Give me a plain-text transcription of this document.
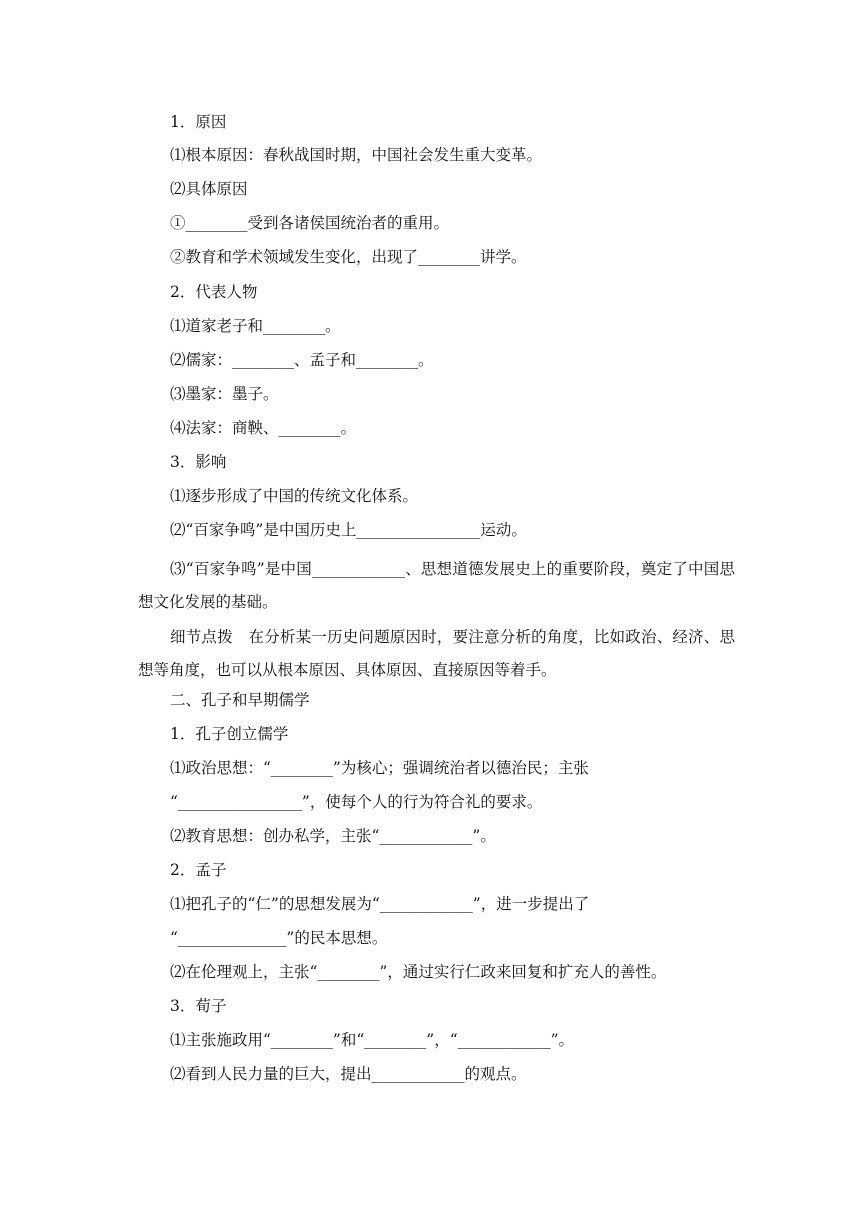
1．原因
⑴根本原因：春秋战国时期，中国社会发生重大变革。
⑵具体原因
①________受到各诸侯国统治者的重用。
②教育和学术领域发生变化，出现了________讲学。
2．代表人物
⑴道家老子和________。
⑵儒家：________、孟子和________。
⑶墨家：墨子。
⑷法家：商鞅、________。
3．影响
⑴逐步形成了中国的传统文化体系。
⑵“百家争鸣”是中国历史上________________运动。
⑶“百家争鸣”是中国____________、思想道德发展史上的重要阶段，奠定了中国思想文化发展的基础。
细节点拨　在分析某一历史问题原因时，要注意分析的角度，比如政治、经济、思想等角度，也可以从根本原因、具体原因、直接原因等着手。
二、孔子和早期儒学
1．孔子创立儒学
⑴政治思想：“________”为核心；强调统治者以德治民；主张
“________________”，使每个人的行为符合礼的要求。
⑵教育思想：创办私学，主张“____________”。
2．孟子
⑴把孔子的“仁”的思想发展为“____________”，进一步提出了
“______________”的民本思想。
⑵在伦理观上，主张“________”，通过实行仁政来回复和扩充人的善性。
3．荀子
⑴主张施政用“________”和“________”，“____________”。
⑵看到人民力量的巨大，提出____________的观点。
